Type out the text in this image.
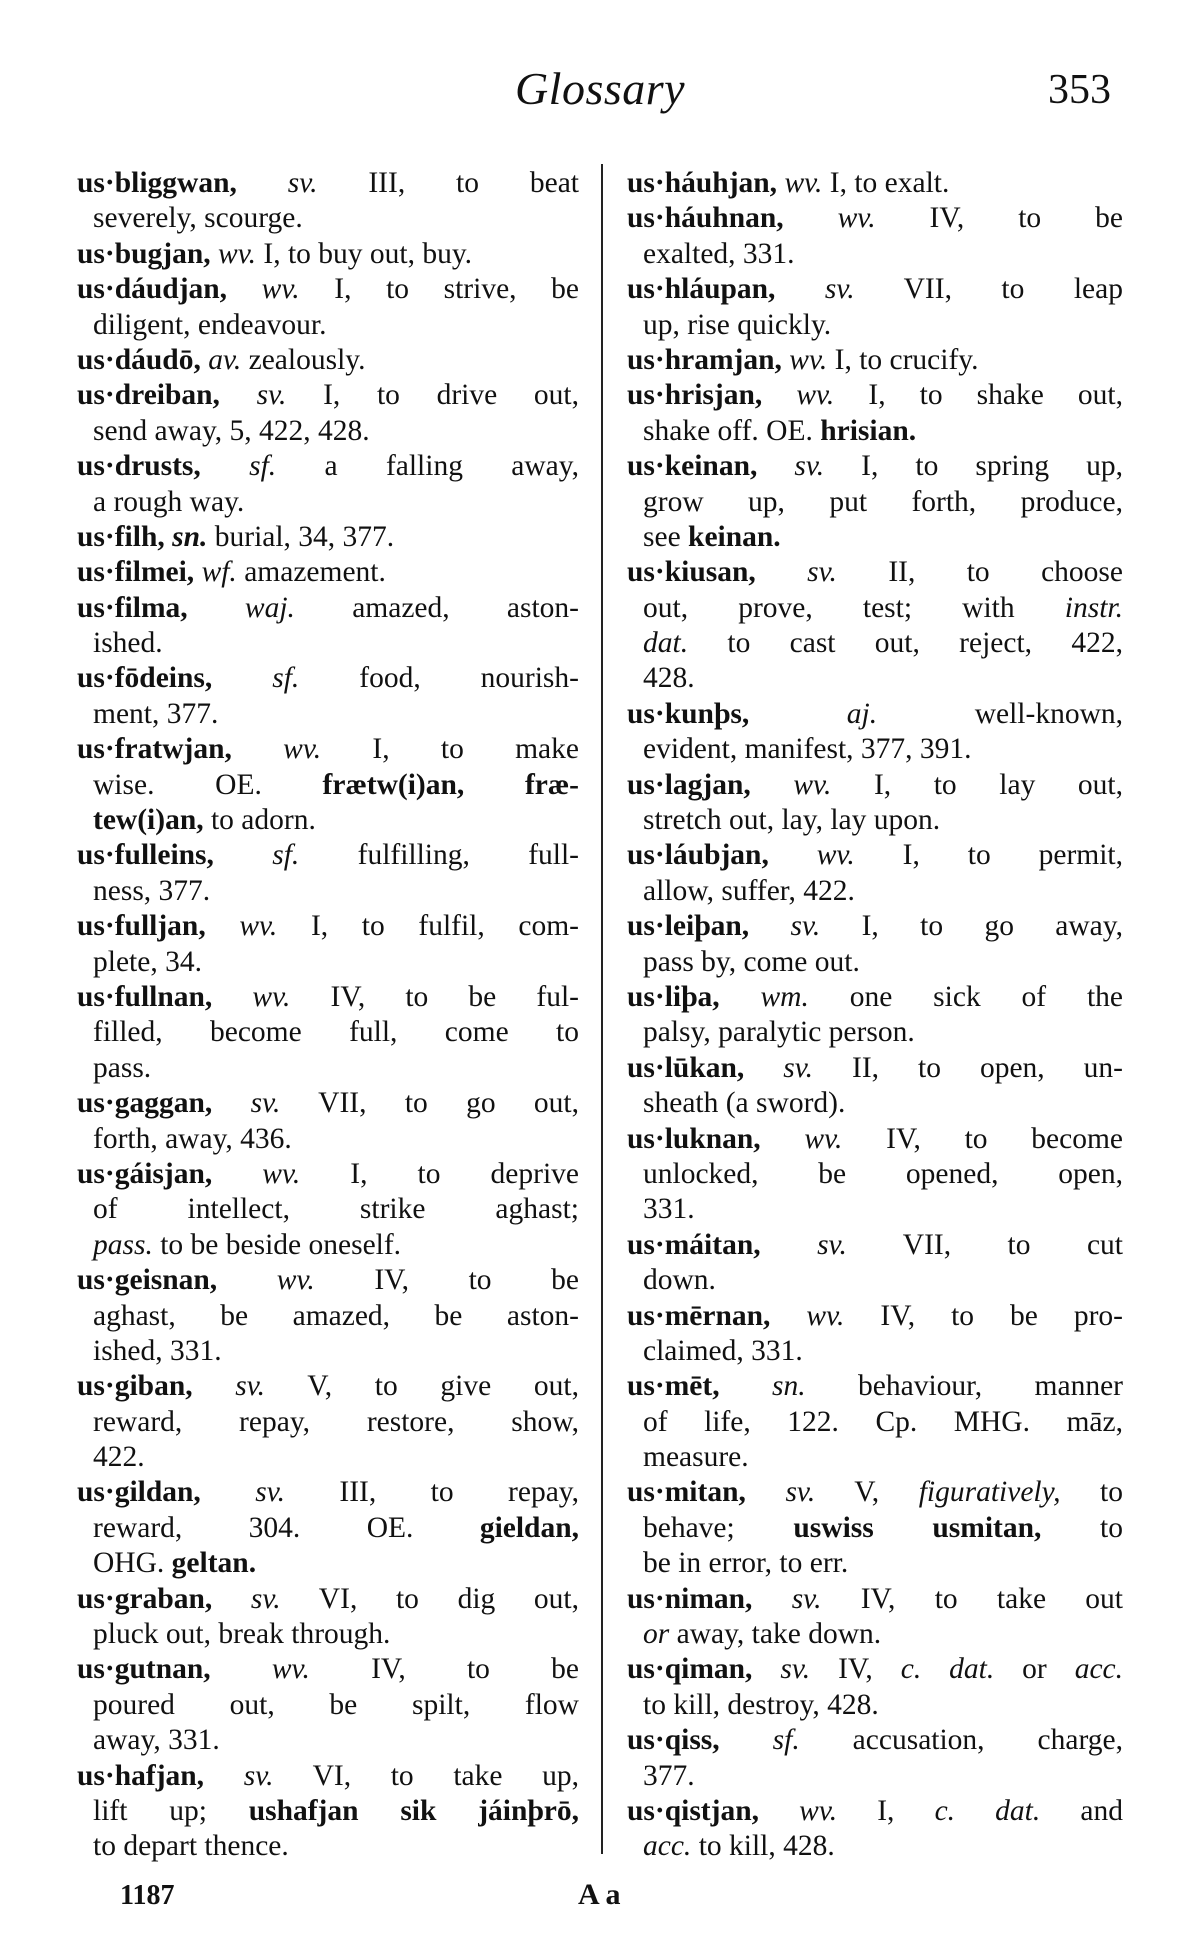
Glossary	353
us·bliggwan, sv. III, to beat
severely, scourge.
us·bugjan, wv. I, to buy out, buy.
us·dáudjan, wv. I, to strive, be
diligent, endeavour.
us·dáudō, av. zealously.
us·dreiban, sv. I, to drive out,
send away, 5, 422, 428.
us·drusts, sf. a falling away,
a rough way.
us·filh, sn. burial, 34, 377.
us·filmei, wf. amazement.
us·filma, waj. amazed, aston-
ished.
us·fōdeins, sf. food, nourish-
ment, 377.
us·fratwjan, wv. I, to make
wise. OE. frætw(i)an, fræ-
tew(i)an, to adorn.
us·fulleins, sf. fulfilling, full-
ness, 377.
us·fulljan, wv. I, to fulfil, com-
plete, 34.
us·fullnan, wv. IV, to be ful-
filled, become full, come to
pass.
us·gaggan, sv. VII, to go out,
forth, away, 436.
us·gáisjan, wv. I, to deprive
of intellect, strike aghast;
pass. to be beside oneself.
us·geisnan, wv. IV, to be
aghast, be amazed, be aston-
ished, 331.
us·giban, sv. V, to give out,
reward, repay, restore, show,
422.
us·gildan, sv. III, to repay,
reward, 304. OE. gieldan,
OHG. geltan.
us·graban, sv. VI, to dig out,
pluck out, break through.
us·gutnan, wv. IV, to be
poured out, be spilt, flow
away, 331.
us·hafjan, sv. VI, to take up,
lift up; ushafjan sik jáinþrō,
to depart thence.
us·háuhjan, wv. I, to exalt.
us·háuhnan, wv. IV, to be
exalted, 331.
us·hláupan, sv. VII, to leap
up, rise quickly.
us·hramjan, wv. I, to crucify.
us·hrisjan, wv. I, to shake out,
shake off. OE. hrisian.
us·keinan, sv. I, to spring up,
grow up, put forth, produce,
see keinan.
us·kiusan, sv. II, to choose
out, prove, test; with instr.
dat. to cast out, reject, 422,
428.
us·kunþs, aj. well-known,
evident, manifest, 377, 391.
us·lagjan, wv. I, to lay out,
stretch out, lay, lay upon.
us·láubjan, wv. I, to permit,
allow, suffer, 422.
us·leiþan, sv. I, to go away,
pass by, come out.
us·liþa, wm. one sick of the
palsy, paralytic person.
us·lūkan, sv. II, to open, un-
sheath (a sword).
us·luknan, wv. IV, to become
unlocked, be opened, open,
331.
us·máitan, sv. VII, to cut
down.
us·mērnan, wv. IV, to be pro-
claimed, 331.
us·mēt, sn. behaviour, manner
of life, 122. Cp. MHG. māz,
measure.
us·mitan, sv. V, figuratively, to
behave; uswiss usmitan, to
be in error, to err.
us·niman, sv. IV, to take out
or away, take down.
us·qiman, sv. IV, c. dat. or acc.
to kill, destroy, 428.
us·qiss, sf. accusation, charge,
377.
us·qistjan, wv. I, c. dat. and
acc. to kill, 428.
1187	A a
